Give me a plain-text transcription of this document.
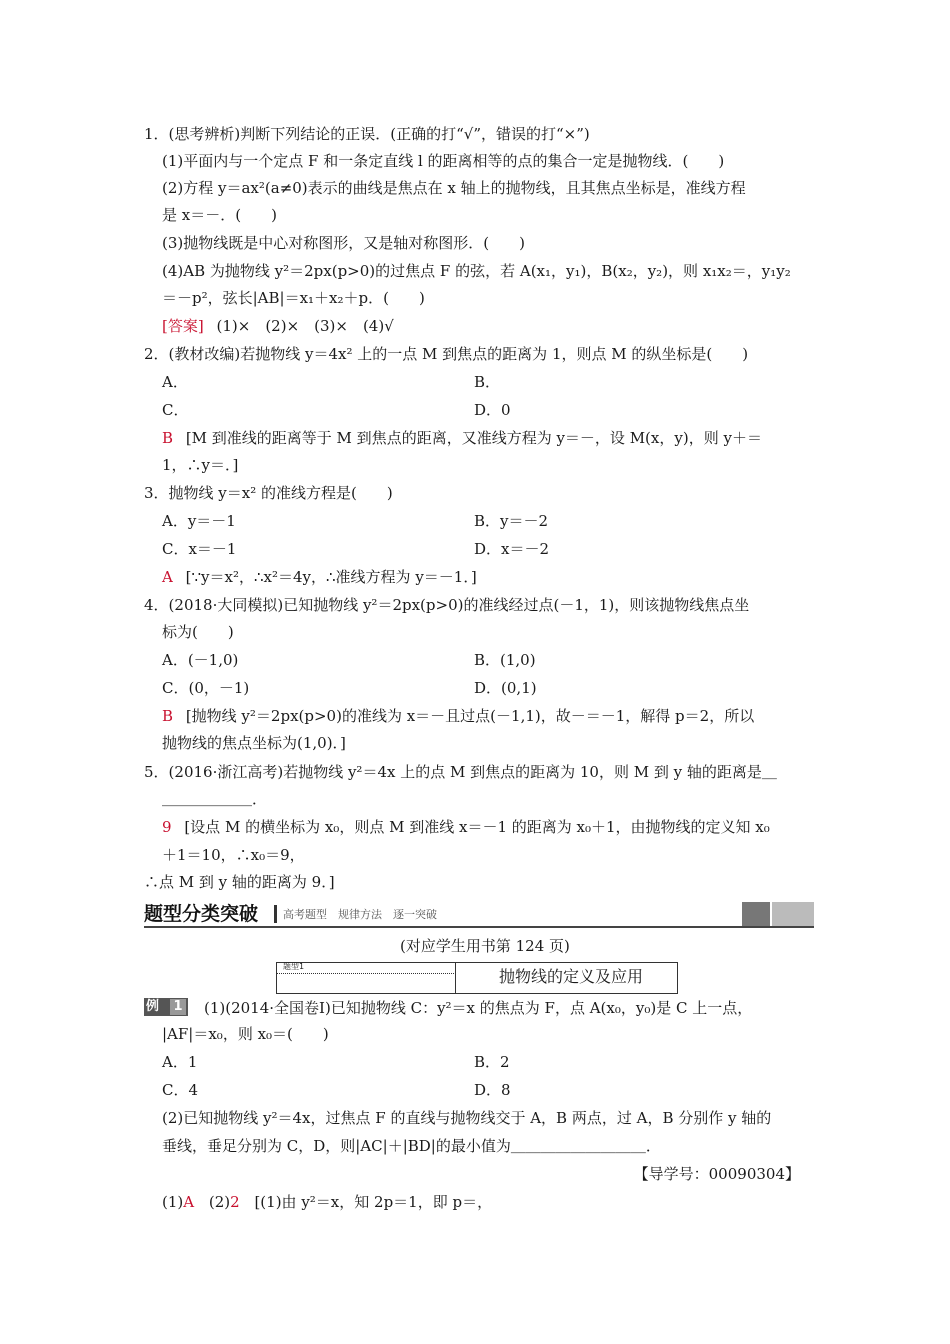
1．(思考辨析)判断下列结论的正误．(正确的打“√”，错误的打“×”)
(1)平面内与一个定点 F 和一条定直线 l 的距离相等的点的集合一定是抛物线．(　　)
(2)方程 y＝ax²(a≠0)表示的曲线是焦点在 x 轴上的抛物线，且其焦点坐标是，准线方程
是 x＝－．(　　)
(3)抛物线既是中心对称图形，又是轴对称图形．(　　)
(4)AB 为抛物线 y²＝2px(p>0)的过焦点 F 的弦，若 A(x₁，y₁)，B(x₂，y₂)，则 x₁x₂＝，y₁y₂
＝－p²，弦长|AB|＝x₁＋x₂＋p．(　　)
[答案] (1)×　(2)×　(3)×　(4)√
2．(教材改编)若抛物线 y＝4x² 上的一点 M 到焦点的距离为 1，则点 M 的纵坐标是(　　)
A．	B．
C．	D．0
B [M 到准线的距离等于 M 到焦点的距离，又准线方程为 y＝－，设 M(x，y)，则 y＋＝
1，∴y＝．]
3．抛物线 y＝x² 的准线方程是(　　)
A．y＝－1	B．y＝－2
C．x＝－1	D．x＝－2
A [∵y＝x²，∴x²＝4y，∴准线方程为 y＝－1．]
4．(2018·大同模拟)已知抛物线 y²＝2px(p>0)的准线经过点(－1，1)，则该抛物线焦点坐
标为(　　)
A．(－1,0)	B．(1,0)
C．(0，－1)	D．(0,1)
B [抛物线 y²＝2px(p>0)的准线为 x＝－且过点(－1,1)，故－＝－1，解得 p＝2，所以
抛物线的焦点坐标为(1,0)．]
5．(2016·浙江高考)若抛物线 y²＝4x 上的点 M 到焦点的距离为 10，则 M 到 y 轴的距离是＿
＿＿＿＿＿＿．
9 [设点 M 的横坐标为 x₀，则点 M 到准线 x＝－1 的距离为 x₀＋1，由抛物线的定义知 x₀
＋1＝10，∴x₀＝9，
∴点 M 到 y 轴的距离为 9．]
题型分类突破 高考题型　规律方法　逐一突破
(对应学生用书第 124 页)
题型1
抛物线的定义及应用
例 1 (1)(2014·全国卷Ⅰ)已知抛物线 C：y²＝x 的焦点为 F，点 A(x₀，y₀)是 C 上一点，
|AF|＝x₀，则 x₀＝(　　)
A．1	B．2
C．4	D．8
(2)已知抛物线 y²＝4x，过焦点 F 的直线与抛物线交于 A，B 两点，过 A，B 分别作 y 轴的
垂线，垂足分别为 C，D，则|AC|＋|BD|的最小值为＿＿＿＿＿＿＿＿＿．
【导学号：00090304】
(1)A (2)2 [(1)由 y²＝x，知 2p＝1，即 p＝，
